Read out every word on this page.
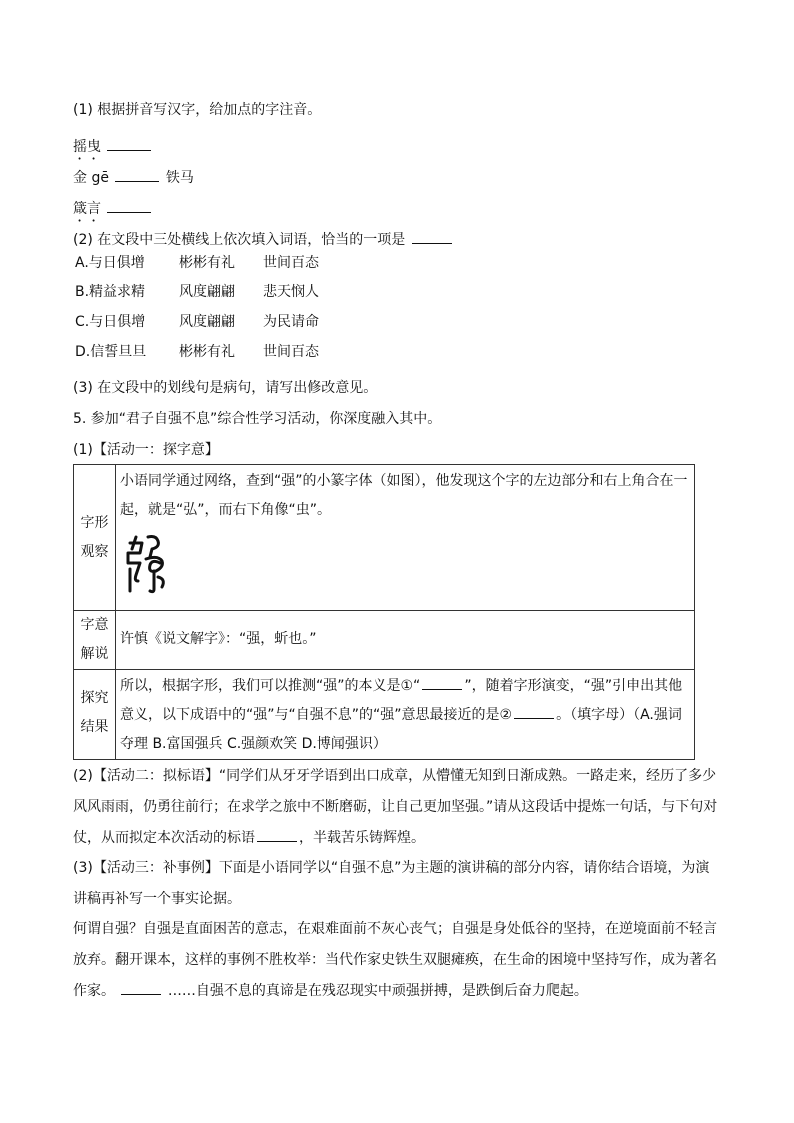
(1) 根据拼音写汉字，给加点的字注音。
摇曳
金 gē	铁马
箴言
(2) 在文段中三处横线上依次填入词语，恰当的一项是
A.与日俱增 彬彬有礼 世间百态
B.精益求精 风度翩翩 悲天悯人
C.与日俱增 风度翩翩 为民请命
D.信誓旦旦 彬彬有礼 世间百态
(3) 在文段中的划线句是病句，请写出修改意见。
5. 参加“君子自强不息”综合性学习活动，你深度融入其中。
(1)【活动一：探字意】
字形
观察	小语同学通过网络，查到“强”的小篆字体（如图），他发现这个字的左边部分和右上角合在一起，就是“弘”，而右下角像“虫”。

字意
解说	许慎《说文解字》：“强，蚚也。”

探究
结果	所以，根据字形，我们可以推测“强”的本义是①“ ”，随着字形演变，“强”引申出其他意义，以下成语中的“强”与“自强不息”的“强”意思最接近的是② 。（填字母）（A.强词夺理 B.富国强兵 C.强颜欢笑 D.博闻强识）
(2)【活动二：拟标语】“同学们从牙牙学语到出口成章，从懵懂无知到日渐成熟。一路走来，经历了多少风风雨雨，仍勇往前行；在求学之旅中不断磨砺，让自己更加坚强。”请从这段话中提炼一句话，与下句对仗，从而拟定本次活动的标语	，半载苦乐铸辉煌。
(3)【活动三：补事例】下面是小语同学以“自强不息”为主题的演讲稿的部分内容，请你结合语境，为演讲稿再补写一个事实论据。
何谓自强？自强是直面困苦的意志，在艰难面前不灰心丧气；自强是身处低谷的坚持，在逆境面前不轻言放弃。翻开课本，这样的事例不胜枚举：当代作家史铁生双腿瘫痪，在生命的困境中坚持写作，成为著名作家。	……自强不息的真谛是在残忍现实中顽强拼搏，是跌倒后奋力爬起。
